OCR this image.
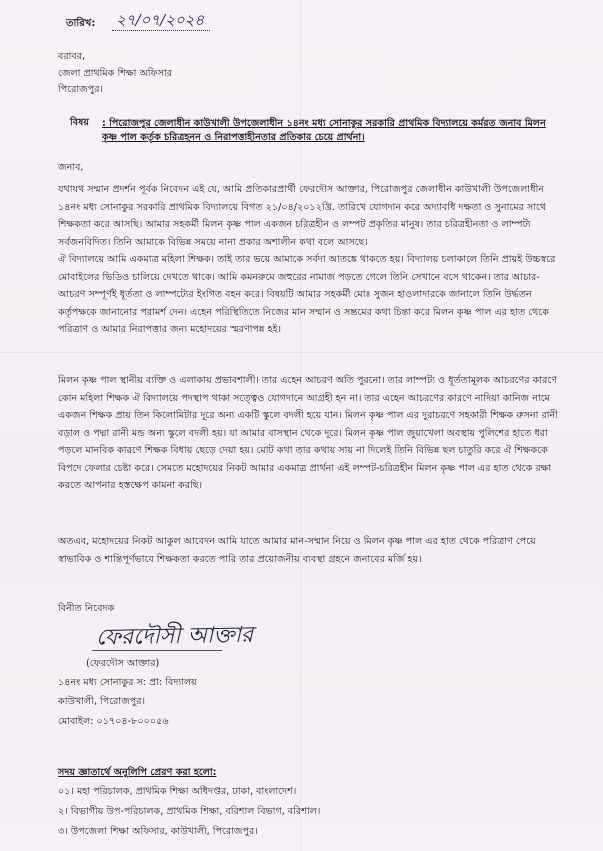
তারিখ: ২৭/০৭/২০২৪
বরাবর,
জেলা প্রাথমিক শিক্ষা অফিসার
পিরোজপুর।
বিষয় : পিরোজপুর জেলাধীন কাউখালী উপজেলাধীন ১৪নং মধ্য সোনাকুর সরকারি প্রাথমিক বিদ্যালয়ে কর্মরত জনাব মিলন কৃষ্ণ পাল কর্তৃক চরিত্রহনন ও নিরাপত্তাহীনতার প্রতিকার চেয়ে প্রার্থনা।
জনাব,
যথাযথ সম্মান প্রদর্শন পূর্বক নিবেদন এই যে, আমি প্রতিকারপ্রার্থী ফেরদৌস আক্তার, পিরোজপুর জেলাধীন কাউখালী উপজেলাধীন ১৪নং মধ্য সোনাকুর সরকারি প্রাথমিক বিদ্যালয়ে বিগত ২১/০৪/২০১২খ্রি. তারিখে যোগদান করে অদ্যাবধি দক্ষতা ও সুনামের সাথে শিক্ষকতা করে আসছি। আমার সহকর্মী মিলন কৃষ্ণ পাল একজন চরিত্রহীন ও লম্পট প্রকৃতির মানুষ। তার চরিত্রহীনতা ও লাম্পট্য সর্বজনবিদিত। তিনি আমাকে বিভিন্ন সময়ে নানা প্রকার অশালীন কথা বলে আসছে।
ঐ বিদ্যালয়ে আমি একমাত্র মহিলা শিক্ষক। তাই তার ভয়ে আমাকে সর্বদা আতঙ্কে থাকতে হয়। বিদ্যালয় চলাকালে তিনি প্রায়ই উচ্চস্বরে মোবাইলের ভিডিও চালিয়ে দেখতে থাকে। আমি কমনরুমে জহুরের নামাজ পড়তে গেলে তিনি সেখানে বসে থাকেন। তার আচার-আচরণ সম্পূর্ণই ধূর্ততা ও লাম্পট্যের ইংগিত বহন করে। বিষয়টি আমার সহকর্মী মোঃ সুজন হাওলাদারকে জানালে তিনি উর্দ্ধতন কর্তৃপক্ষকে জানানোর পরামর্শ দেন। এহেন পরিস্থিতিতে নিজের মান সম্মান ও সম্ভ্রমের কথা চিন্তা করে মিলন কৃষ্ণ পাল এর হাত থেকে পরিত্রাণ ও আমার নিরাপত্তার জন্য মহোদয়ের স্মরণাপন্ন হই।
মিলন কৃষ্ণ পাল স্থানীয় ব্যক্তি ও এলাকায় প্রভাবশালী। তার এহেন আচরণ অতি পুরনো। তার লাম্পট্য ও ধূর্ততামূলক আচরণের কারণে কোন মহিলা শিক্ষক ঐ বিদ্যালয়ে পদস্থাপ থাকা সত্ত্বেও যোগদানে আগ্রহী হন না। তার এহেন আচরণের কারণে নাদিয়া কানিজ নামে একজন শিক্ষক প্রায় তিন কিলোমিটার দূরে অন্য একটি স্কুলে বদলী হয়ে যান। মিলন কৃষ্ণ পাল এর দুরাচরণে সহকারী শিক্ষক রুসনা রানী বড়াল ও পদ্মা রানী মন্ড অন্য স্কুলে বদলী হয়। যা আমার বাসস্থান থেকে দূরে। মিলন কৃষ্ণ পাল জুয়াখেলা অবস্থায় পুলিশের হাতে ধরা পড়লে মানবিক কারণে শিক্ষক বিধায় ছেড়ে দেয়া হয়। মোট কথা তার কথায় সায় না দিলেই তিনি বিভিন্ন ছল চাতুরি করে ঐ শিক্ষককে বিপদে ফেলার চেষ্টা করে। সেমতে মহোদয়ের নিকট আমার একমাত্র প্রার্থনা এই লম্পট-চরিত্রহীন মিলন কৃষ্ণ পাল এর হাত থেকে রক্ষা করতে আপনার হস্তক্ষেপ কামনা করছি।
অতএব, মহোদয়ের নিকট আকুল আবেদন আমি যাতে আমার মান-সম্মান নিয়ে ও মিলন কৃষ্ণ পাল এর হাত থেকে পরিত্রাণ পেয়ে স্বাভাবিক ও শান্তিপূর্ণভাবে শিক্ষকতা করতে পারি তার প্রয়োজনীয় ব্যবস্থা গ্রহনে জনাবের মর্জি হয়।
বিনীত নিবেদক
ফেরদৌসী আক্তার
(ফেরদৌস আক্তার)
১৪নং মধ্য সোনাকুর স: প্রা: বিদ্যালয়
কাউখালী, পিরোজপুর।
মোবাইল: ০১৭০৪-৮০০০৫৬
সদয় জ্ঞাতার্থে অনুলিপি প্রেরণ করা হলো:
০১। মহা পরিচালক, প্রাথমিক শিক্ষা অধিদপ্তর, ঢাকা, বাংলাদেশ।
২। বিভাগীয় উপ-পরিচালক, প্রাথমিক শিক্ষা, বরিশাল বিভাগ, বরিশাল।
৩। উপজেলা শিক্ষা অফিসার, কাউখালী, পিরোজপুর।
